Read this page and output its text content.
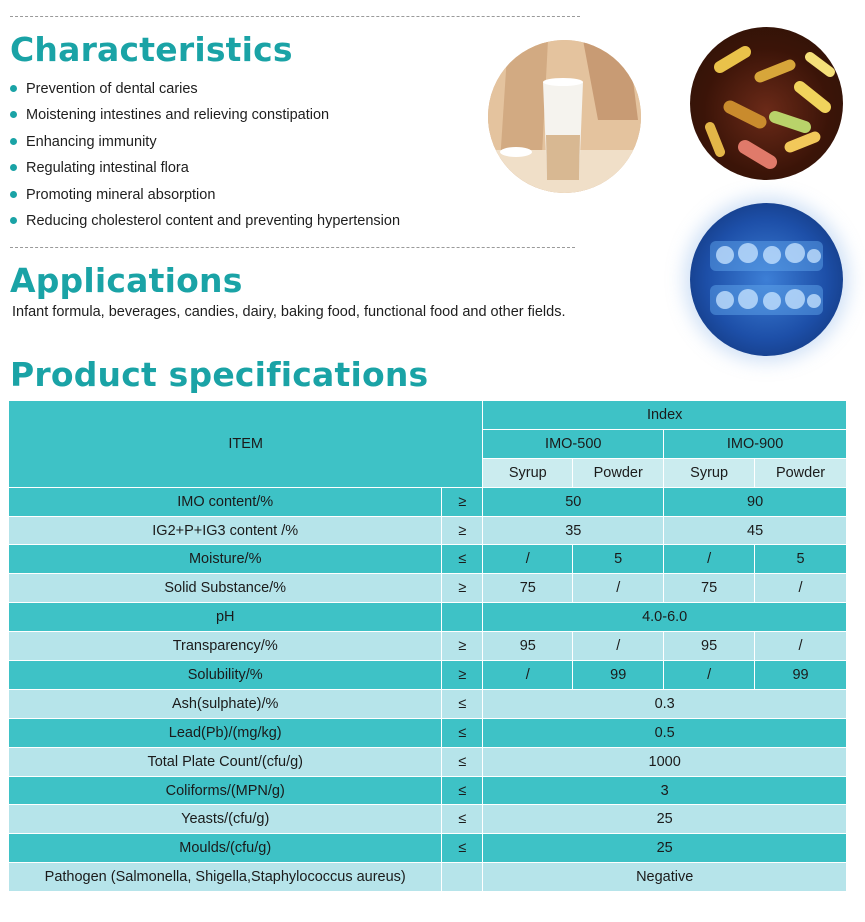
Characteristics
Prevention of dental caries
Moistening intestines and relieving constipation
Enhancing immunity
Regulating intestinal flora
Promoting mineral absorption
Reducing cholesterol content and preventing hypertension
Applications

Infant formula, beverages, candies, dairy, baking food, functional food and other fields.

Product specifications
ITEM		Index			
		IMO-500		IMO-900	
		Syrup	Powder	Syrup	Powder
IMO content/%	≥	50		90	
IG2+P+IG3 content /%	≥	35		45	
Moisture/%	≤	/	5	/	5
Solid Substance/%	≥	75	/	75	/
pH		4.0-6.0			
Transparency/%	≥	95	/	95	/
Solubility/%	≥	/	99	/	99
Ash(sulphate)/%	≤	0.3			
Lead(Pb)/(mg/kg)	≤	0.5			
Total Plate Count/(cfu/g)	≤	1000			
Coliforms/(MPN/g)	≤	3			
Yeasts/(cfu/g)	≤	25			
Moulds/(cfu/g)	≤	25			
Pathogen (Salmonella, Shigella,Staphylococcus aureus)		Negative			
